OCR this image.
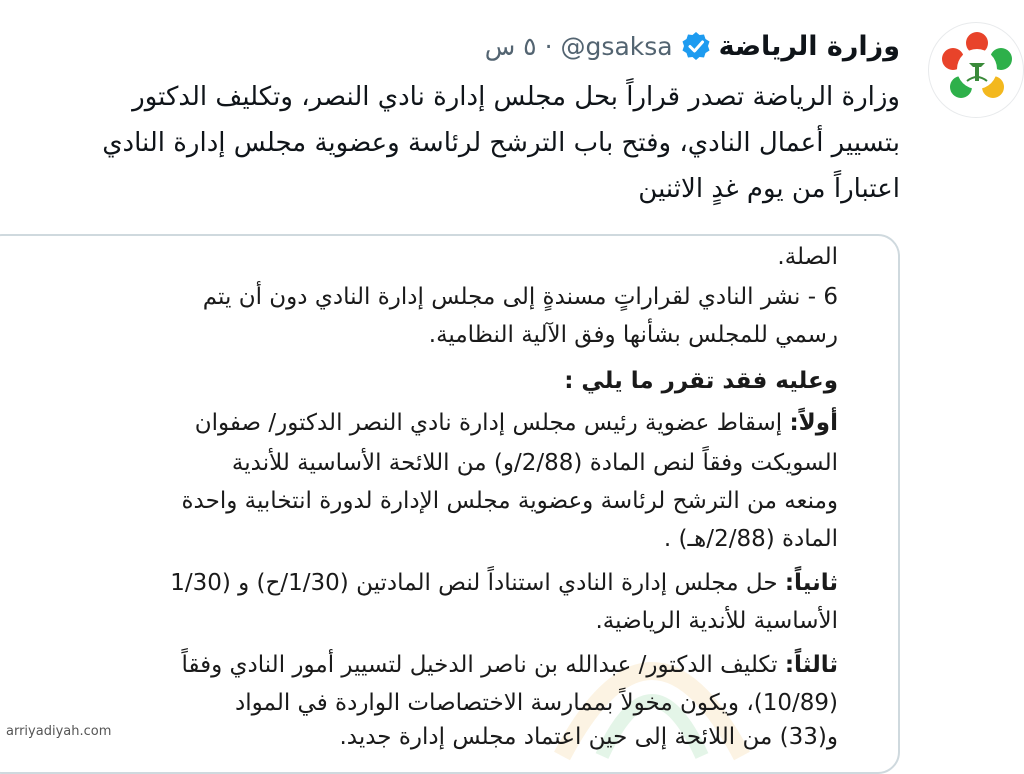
وزارة الرياضة
@gsaksa
·
٥ س
وزارة الرياضة تصدر قراراً بحل مجلس إدارة نادي النصر، وتكليف الدكتور
بتسيير أعمال النادي، وفتح باب الترشح لرئاسة وعضوية مجلس إدارة النادي
اعتباراً من يوم غدٍ الاثنين
الصلة.
6 - نشر النادي لقراراتٍ مسندةٍ إلى مجلس إدارة النادي دون أن يتم
رسمي للمجلس بشأنها وفق الآلية النظامية.
وعليه فقد تقرر ما يلي :
أولاً: إسقاط عضوية رئيس مجلس إدارة نادي النصر الدكتور/ صفوان
السويكت وفقاً لنص المادة (2/88/و) من اللائحة الأساسية للأندية
ومنعه من الترشح لرئاسة وعضوية مجلس الإدارة لدورة انتخابية واحدة
المادة (2/88/هـ) .
ثانياً: حل مجلس إدارة النادي استناداً لنص المادتين (1/30/ح) و (1/30
الأساسية للأندية الرياضية.
ثالثاً: تكليف الدكتور/ عبدالله بن ناصر الدخيل لتسيير أمور النادي وفقاً
(10/89)، ويكون مخولاً بممارسة الاختصاصات الواردة في المواد
و(33) من اللائحة إلى حين اعتماد مجلس إدارة جديد.
arriyadiyah.com
